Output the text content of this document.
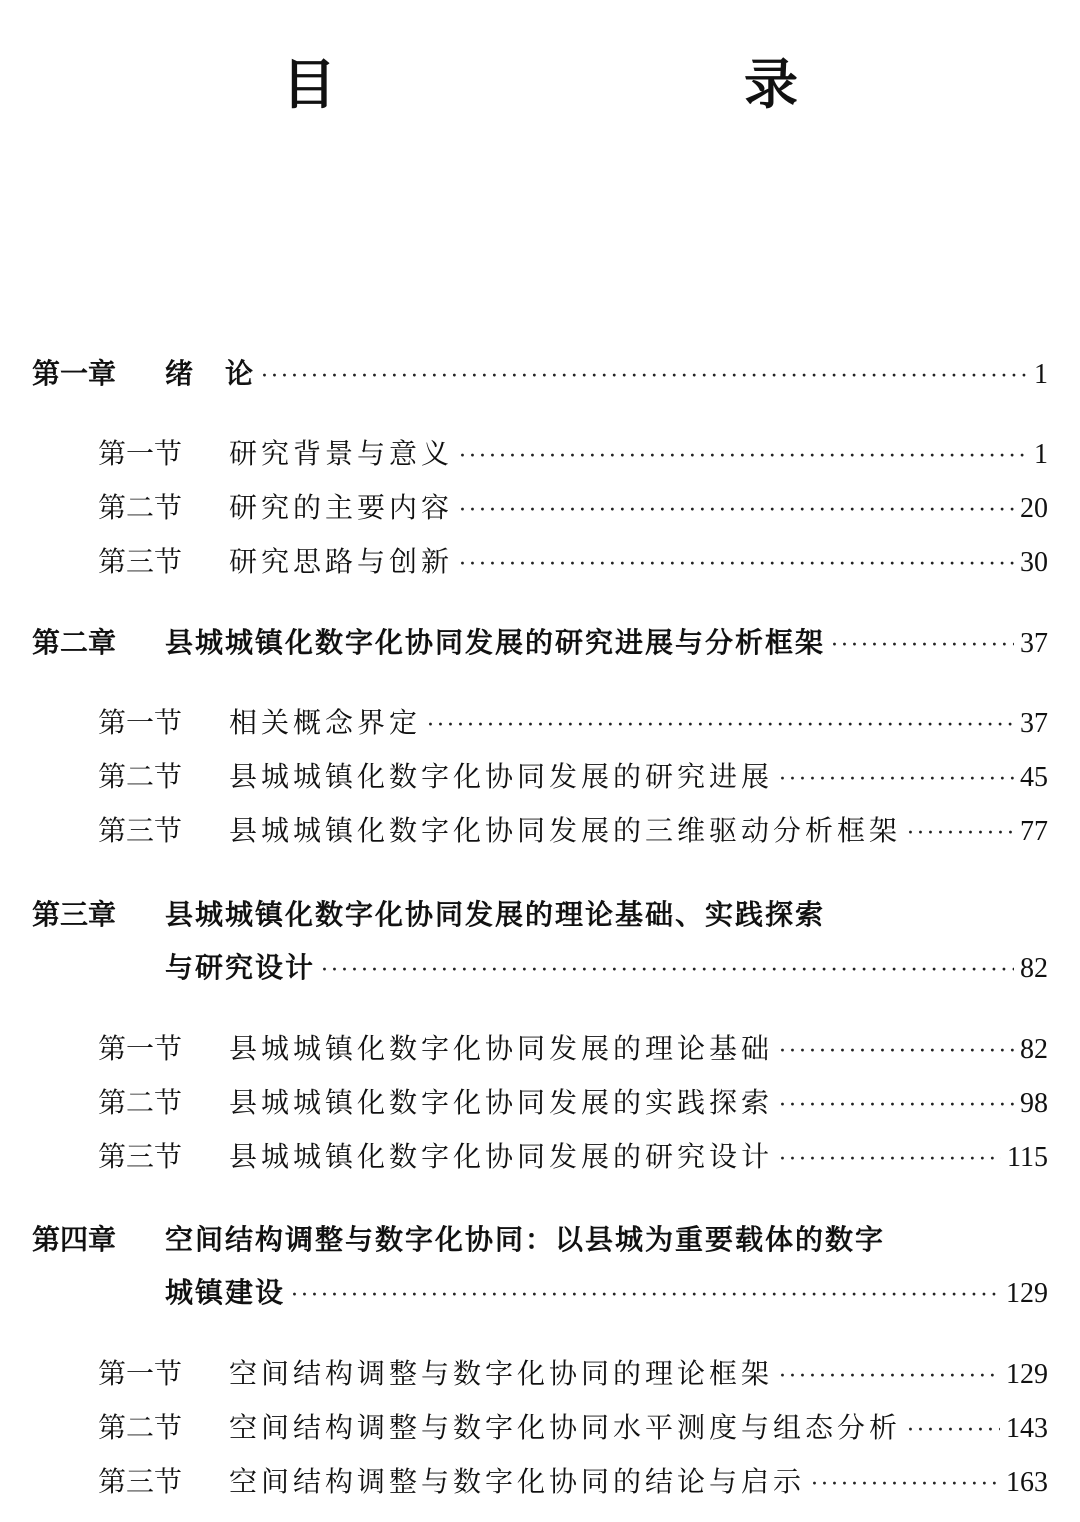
目　　录
第一章	绪　论 ·····	1
第一节	研究背景与意义 ·····	1
第二节	研究的主要内容 ·····	20
第三节	研究思路与创新 ·····	30
第二章	县城城镇化数字化协同发展的研究进展与分析框架 ·····	37
第一节	相关概念界定 ·····	37
第二节	县城城镇化数字化协同发展的研究进展 ·····	45
第三节	县城城镇化数字化协同发展的三维驱动分析框架 ·····	77
第三章	县城城镇化数字化协同发展的理论基础、实践探索
与研究设计 ·····	82
第一节	县城城镇化数字化协同发展的理论基础 ·····	82
第二节	县城城镇化数字化协同发展的实践探索 ·····	98
第三节	县城城镇化数字化协同发展的研究设计 ·····	115
第四章	空间结构调整与数字化协同：以县城为重要载体的数字
城镇建设 ·····	129
第一节	空间结构调整与数字化协同的理论框架 ·····	129
第二节	空间结构调整与数字化协同水平测度与组态分析 ·····	143
第三节	空间结构调整与数字化协同的结论与启示 ·····	163
